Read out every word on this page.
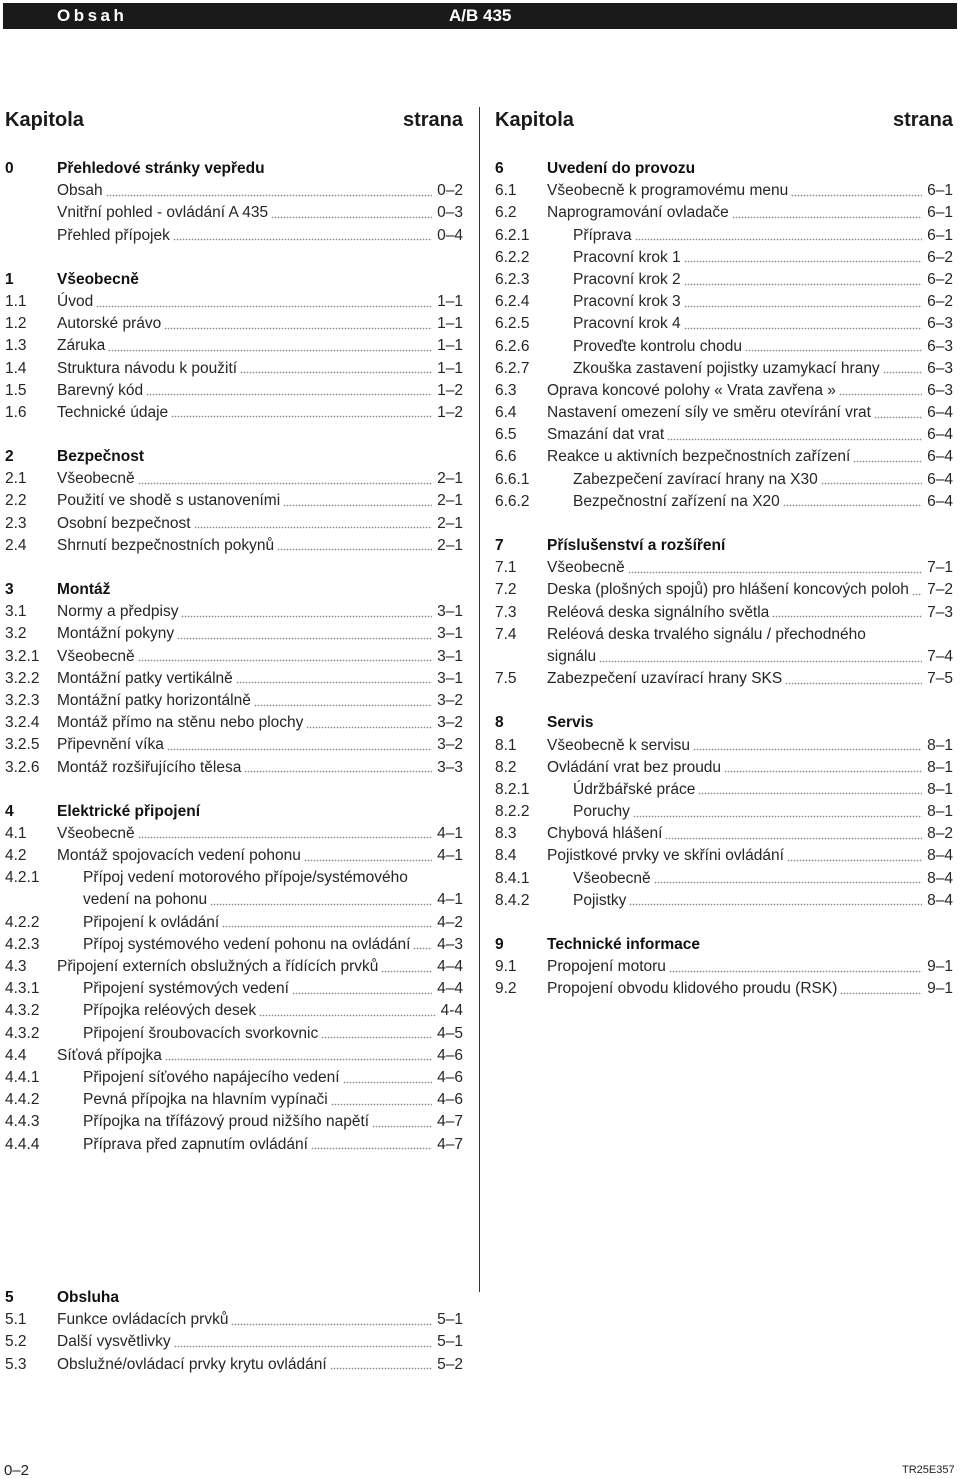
Obsah	A/B 435
Kapitola	strana
0	Přehledové stránky vepředu
Obsah	0–2
Vnitřní pohled - ovládání A 435	0–3
Přehled přípojek	0–4
1	Všeobecně
1.1	Úvod	1–1
1.2	Autorské právo	1–1
1.3	Záruka	1–1
1.4	Struktura návodu k použití	1–1
1.5	Barevný kód	1–2
1.6	Technické údaje	1–2
2	Bezpečnost
2.1	Všeobecně	2–1
2.2	Použití ve shodě s ustanoveními	2–1
2.3	Osobní bezpečnost	2–1
2.4	Shrnutí bezpečnostních pokynů	2–1
3	Montáž
3.1	Normy a předpisy	3–1
3.2	Montážní pokyny	3–1
3.2.1	Všeobecně	3–1
3.2.2	Montážní patky vertikálně	3–1
3.2.3	Montážní patky horizontálně	3–2
3.2.4	Montáž přímo na stěnu nebo plochy	3–2
3.2.5	Připevnění víka	3–2
3.2.6	Montáž rozšiřujícího tělesa	3–3
4	Elektrické připojení
4.1	Všeobecně	4–1
4.2	Montáž spojovacích vedení pohonu	4–1
4.2.1	Přípoj vedení motorového přípoje/systémového
vedení na pohonu	4–1
4.2.2	Připojení k ovládání	4–2
4.2.3	Přípoj systémového vedení pohonu na ovládání 4–3
4.3	Připojení externích obslužných a řídících prvků	4–4
4.3.1	Připojení systémových vedení	4–4
4.3.2	Přípojka reléových desek	4-4
4.3.2	Připojení šroubovacích svorkovnic	4–5
4.4	Síťová přípojka	4–6
4.4.1	Připojení síťového napájecího vedení	4–6
4.4.2	Pevná přípojka na hlavním vypínači	4–6
4.4.3	Přípojka na třífázový proud nižšího napětí	4–7
4.4.4	Příprava před zapnutím ovládání	4–7
Kapitola	strana
6	Uvedení do provozu
6.1	Všeobecně k programovému menu	6–1
6.2	Naprogramování ovladače	6–1
6.2.1	Příprava	6–1
6.2.2	Pracovní krok 1	6–2
6.2.3	Pracovní krok 2	6–2
6.2.4	Pracovní krok 3	6–2
6.2.5	Pracovní krok 4	6–3
6.2.6	Proveďte kontrolu chodu	6–3
6.2.7	Zkouška zastavení pojistky uzamykací hrany	6–3
6.3	Oprava koncové polohy « Vrata zavřena »	6–3
6.4	Nastavení omezení síly ve směru otevírání vrat	6–4
6.5	Smazání dat vrat	6–4
6.6	Reakce u aktivních bezpečnostních zařízení	6–4
6.6.1	Zabezpečení zavírací hrany na X30	6–4
6.6.2	Bezpečnostní zařízení na X20	6–4
7	Příslušenství a rozšíření
7.1	Všeobecně	7–1
7.2	Deska (plošných spojů) pro hlášení koncových poloh 7–2
7.3	Reléová deska signálního světla	7–3
7.4	Reléová deska trvalého signálu / přechodného
signálu	7–4
7.5	Zabezpečení uzavírací hrany SKS	7–5
8	Servis
8.1	Všeobecně k servisu	8–1
8.2	Ovládání vrat bez proudu	8–1
8.2.1	Údržbářské práce	8–1
8.2.2	Poruchy	8–1
8.3	Chybová hlášení	8–2
8.4	Pojistkové prvky ve skříni ovládání	8–4
8.4.1	Všeobecně	8–4
8.4.2	Pojistky	8–4
9	Technické informace
9.1	Propojení motoru	9–1
9.2	Propojení obvodu klidového proudu (RSK)	9–1
5	Obsluha
5.1	Funkce ovládacích prvků	5–1
5.2	Další vysvětlivky	5–1
5.3	Obslužné/ovládací prvky krytu ovládání	5–2
0–2	TR25E357
